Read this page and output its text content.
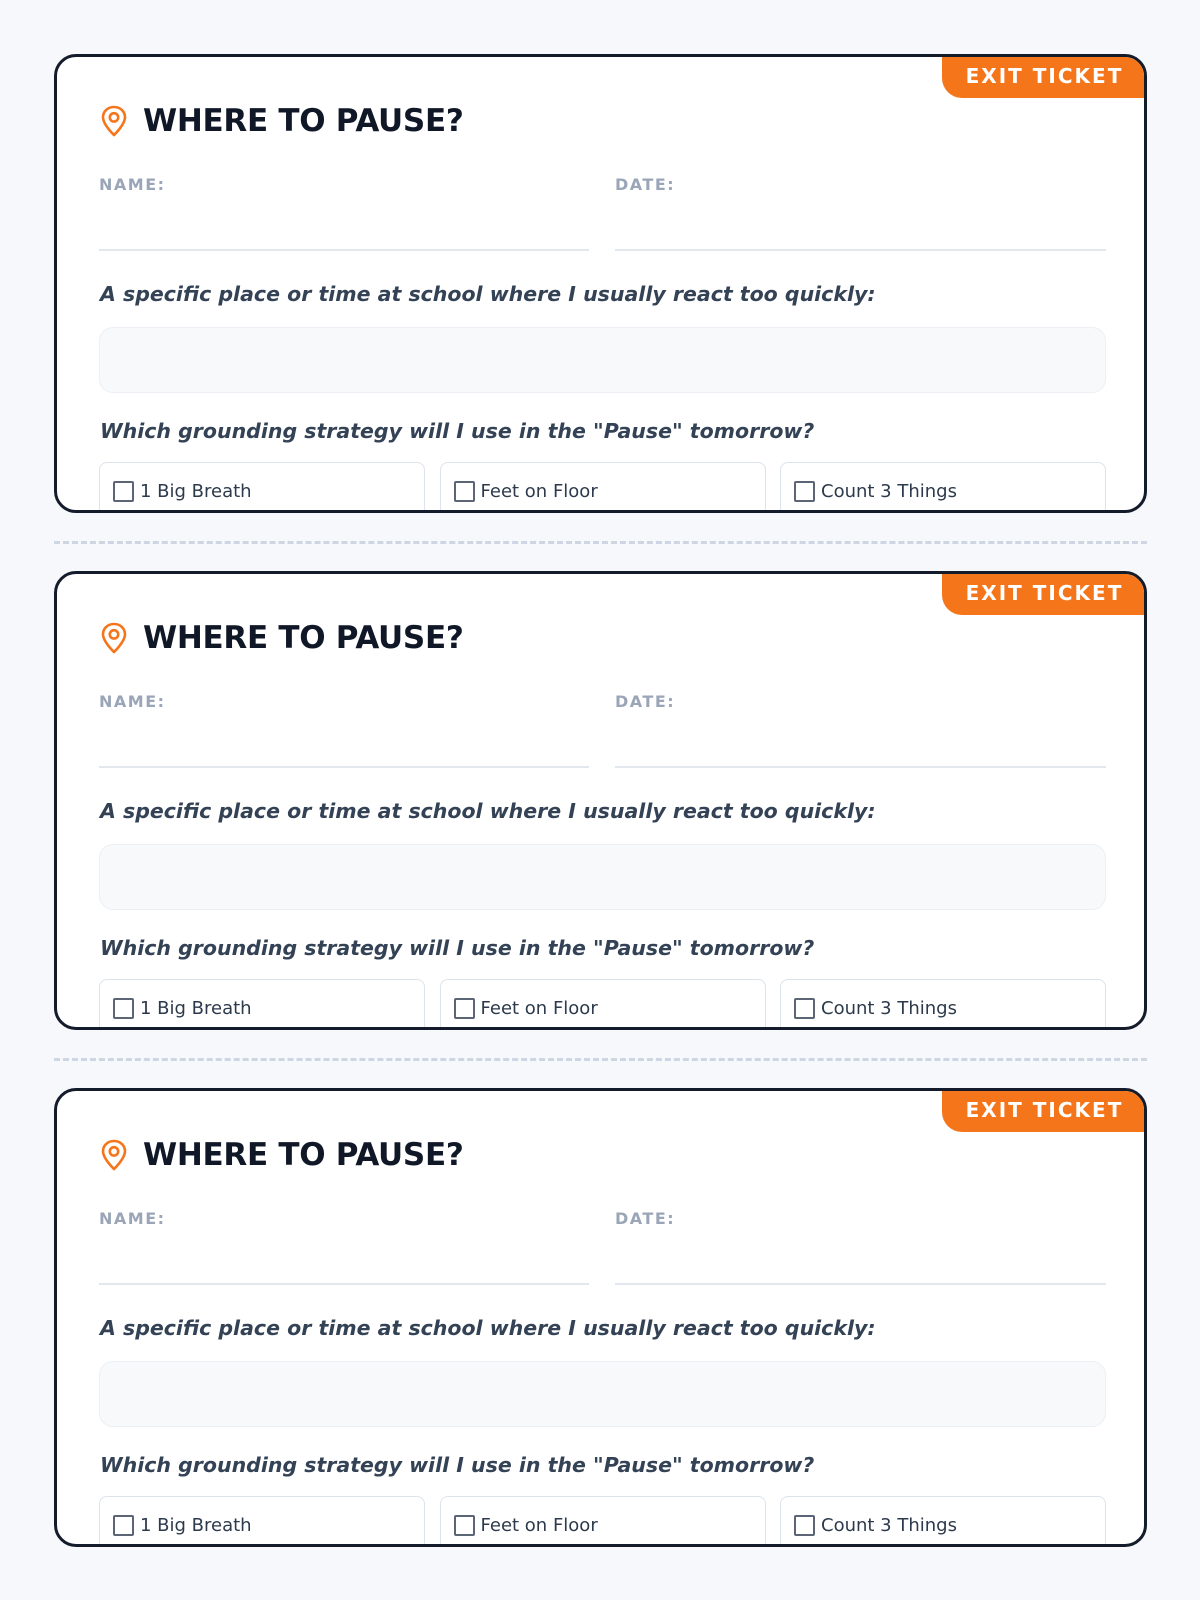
EXIT TICKET
WHERE TO PAUSE?
NAME:	DATE:
A specific place or time at school where I usually react too quickly:
Which grounding strategy will I use in the "Pause" tomorrow?
1 Big Breath	Feet on Floor	Count 3 Things
EXIT TICKET
WHERE TO PAUSE?
NAME:	DATE:
A specific place or time at school where I usually react too quickly:
Which grounding strategy will I use in the "Pause" tomorrow?
1 Big Breath	Feet on Floor	Count 3 Things
EXIT TICKET
WHERE TO PAUSE?
NAME:	DATE:
A specific place or time at school where I usually react too quickly:
Which grounding strategy will I use in the "Pause" tomorrow?
1 Big Breath	Feet on Floor	Count 3 Things
